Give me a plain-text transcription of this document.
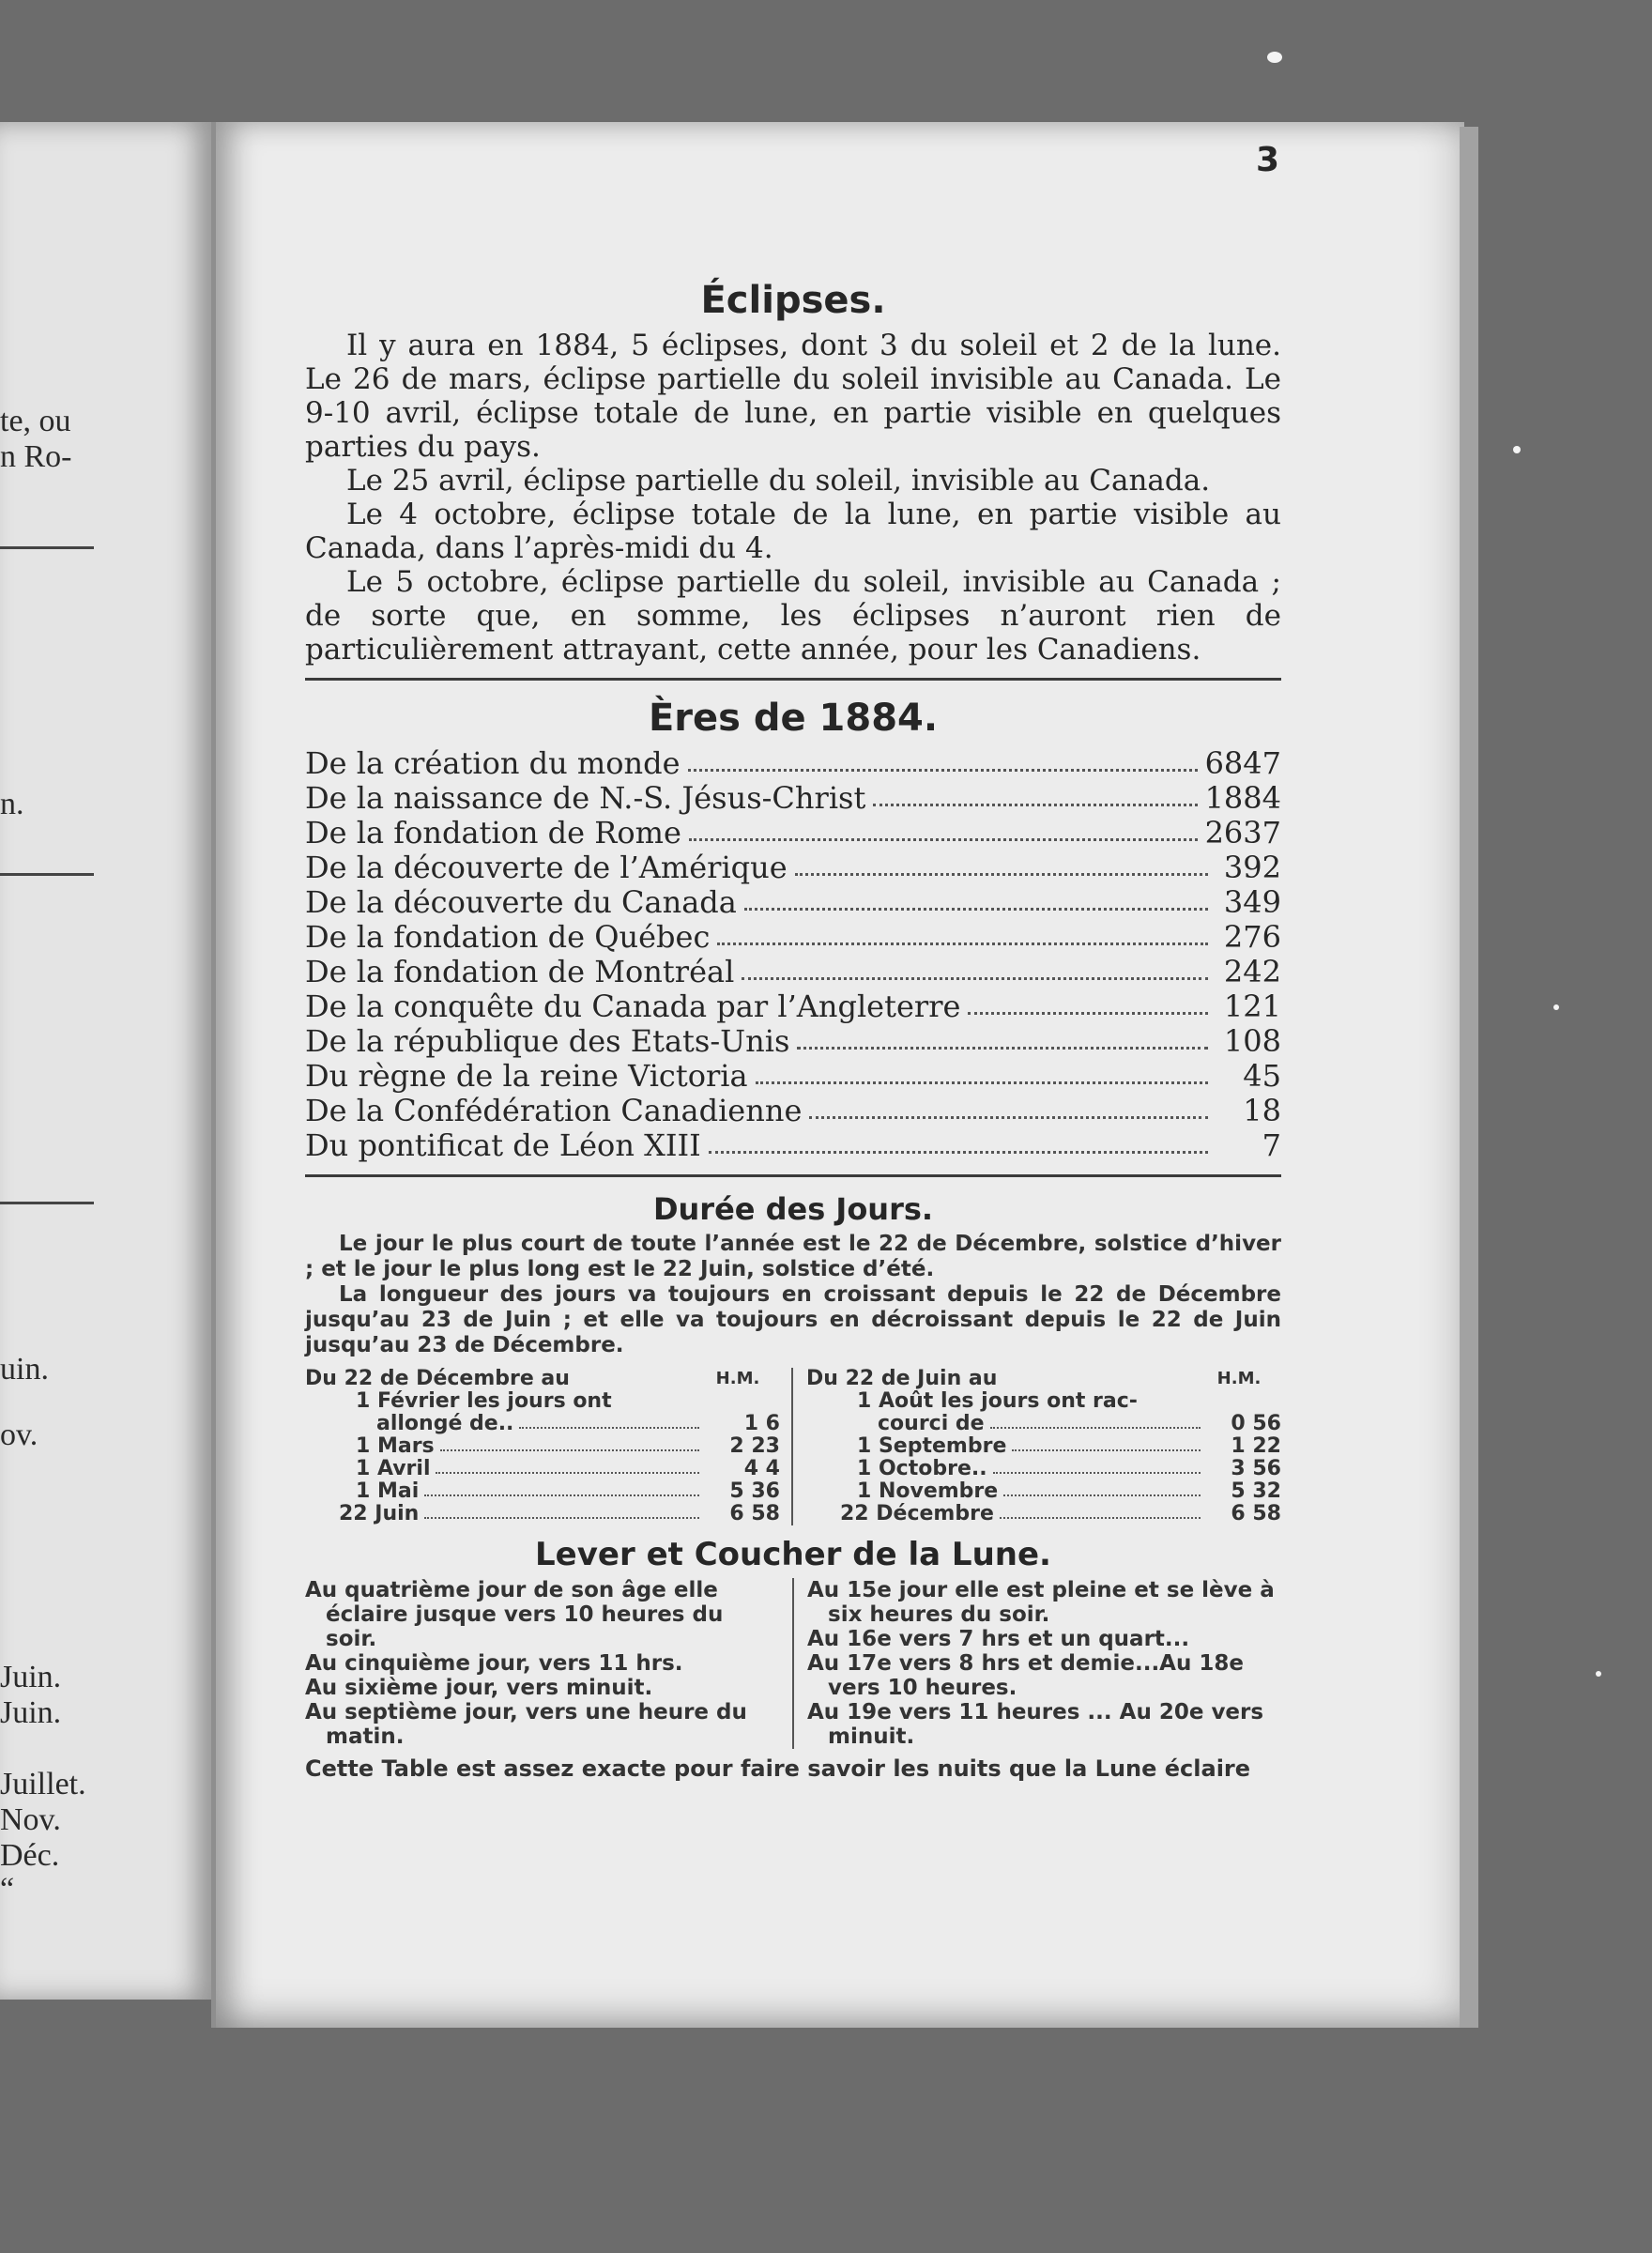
te, ou
n Ro-
n.
uin.
ov.
Juin.
Juin.
Juillet.
Nov.
Déc.
“
3
Éclipses.

Il y aura en 1884, 5 éclipses, dont 3 du soleil et 2 de la lune. Le 26 de mars, éclipse partielle du soleil invisible au Canada. Le 9-10 avril, éclipse totale de lune, en partie visible en quelques parties du pays.

Le 25 avril, éclipse partielle du soleil, invisible au Canada.

Le 4 octobre, éclipse totale de la lune, en partie visible au Canada, dans l’après-midi du 4.

Le 5 octobre, éclipse partielle du soleil, invisible au Canada ; de sorte que, en somme, les éclipses n’auront rien de particulièrement attrayant, cette année, pour les Canadiens.

Ères de 1884.
De la création du monde	6847
De la naissance de N.-S. Jésus-Christ	1884
De la fondation de Rome	2637
De la découverte de l’Amérique	392
De la découverte du Canada	349
De la fondation de Québec	276
De la fondation de Montréal	242
De la conquête du Canada par l’Angleterre	121
De la république des Etats-Unis	108
Du règne de la reine Victoria	45
De la Confédération Canadienne	18
Du pontificat de Léon XIII	7
Durée des Jours.

Le jour le plus court de toute l’année est le 22 de Décembre, solstice d’hiver ; et le jour le plus long est le 22 Juin, solstice d’été.

La longueur des jours va toujours en croissant depuis le 22 de Décembre jusqu’au 23 de Juin ; et elle va toujours en décroissant depuis le 22 de Juin jusqu’au 23 de Décembre.

Du 22 de Décembre au	H.M.
1 Février les jours ont
allongé de..	1 6
1 Mars	2 23
1 Avril	4 4
1 Mai	5 36
22 Juin	6 58
Du 22 de Juin au	H.M.
1 Août les jours ont rac-
courci de	0 56
1 Septembre	1 22
1 Octobre..	3 56
1 Novembre	5 32
22 Décembre	6 58
Lever et Coucher de la Lune.

Au quatrième jour de son âge elle éclaire jusque vers 10 heures du soir.

Au cinquième jour, vers 11 hrs.

Au sixième jour, vers minuit.

Au septième jour, vers une heure du matin.

Au 15e jour elle est pleine et se lève à six heures du soir.

Au 16e vers 7 hrs et un quart...

Au 17e vers 8 hrs et demie...Au 18e vers 10 heures.

Au 19e vers 11 heures ... Au 20e vers minuit.

Cette Table est assez exacte pour faire savoir les nuits que la Lune éclaire
